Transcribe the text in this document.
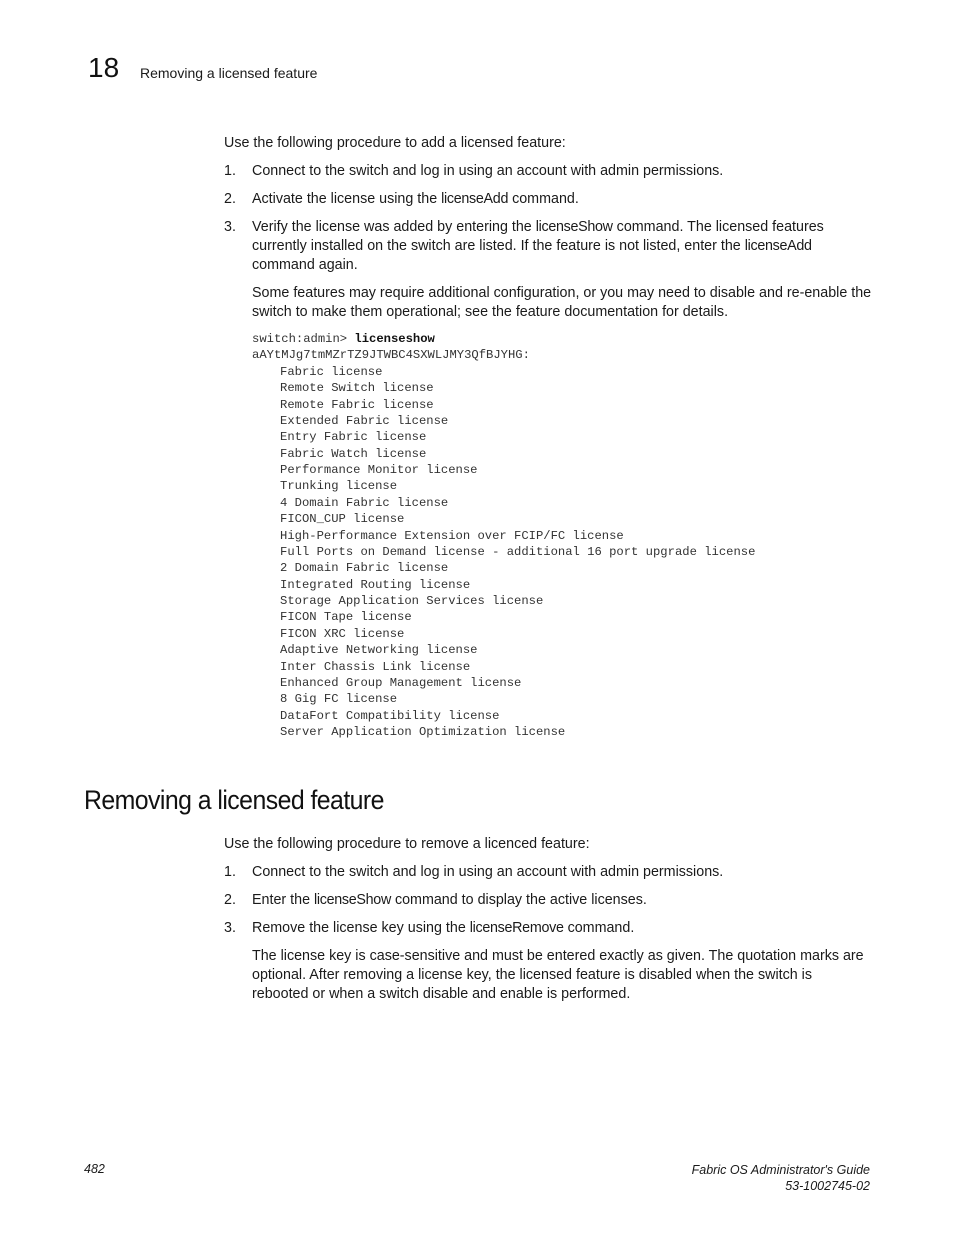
18 Removing a licensed feature

Use the following procedure to add a licensed feature:

1. Connect to the switch and log in using an account with admin permissions.
2. Activate the license using the licenseAdd command.
3. Verify the license was added by entering the licenseShow command. The licensed features currently installed on the switch are listed. If the feature is not listed, enter the licenseAdd command again.

Some features may require additional configuration, or you may need to disable and re-enable the switch to make them operational; see the feature documentation for details.

switch:admin> licenseshow
aAYtMJg7tmMZrTZ9JTWBC4SXWLJMY3QfBJYHG:
Fabric license
Remote Switch license
Remote Fabric license
Extended Fabric license
Entry Fabric license
Fabric Watch license
Performance Monitor license
Trunking license
4 Domain Fabric license
FICON_CUP license
High-Performance Extension over FCIP/FC license
Full Ports on Demand license - additional 16 port upgrade license
2 Domain Fabric license
Integrated Routing license
Storage Application Services license
FICON Tape license
FICON XRC license
Adaptive Networking license
Inter Chassis Link license
Enhanced Group Management license
8 Gig FC license
DataFort Compatibility license
Server Application Optimization license
Removing a licensed feature

Use the following procedure to remove a licenced feature:

1. Connect to the switch and log in using an account with admin permissions.
2. Enter the licenseShow command to display the active licenses.
3. Remove the license key using the licenseRemove command.

The license key is case-sensitive and must be entered exactly as given. The quotation marks are optional. After removing a license key, the licensed feature is disabled when the switch is rebooted or when a switch disable and enable is performed.

482	Fabric OS Administrator's Guide
53-1002745-02
